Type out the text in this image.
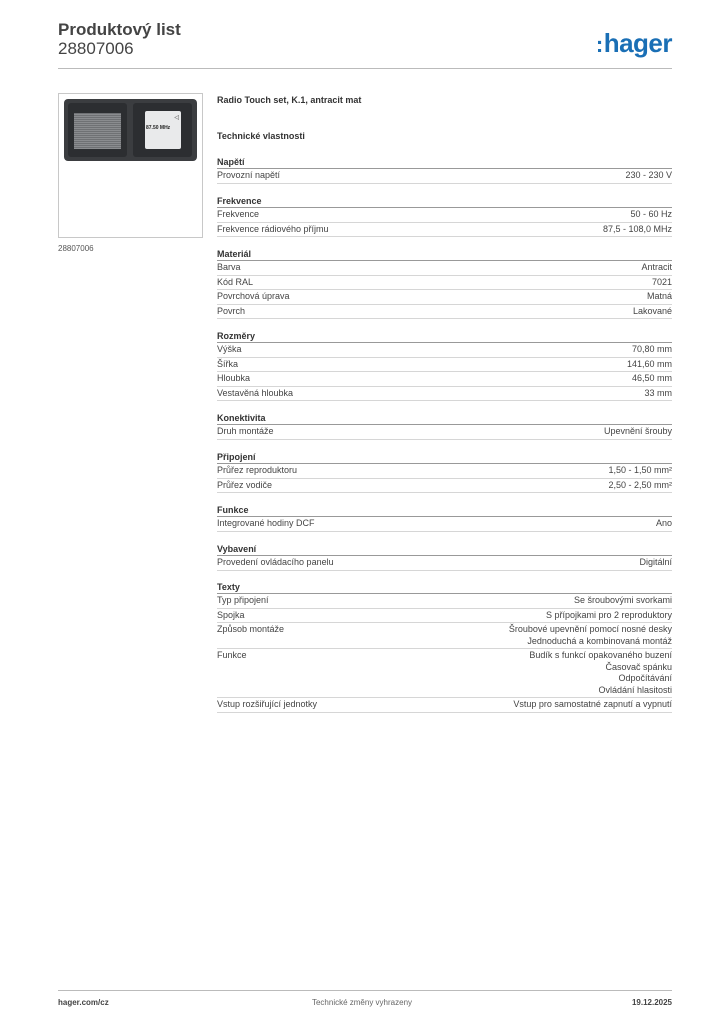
Produktový list
28807006	:hager
◁
87.50 MHz
28807006
Radio Touch set, K.1, antracit mat
Technické vlastnosti
Napětí
Provozní napětí	230 - 230 V
Frekvence
Frekvence	50 - 60 Hz
Frekvence rádiového příjmu	87,5 - 108,0 MHz
Materiál
Barva	Antracit
Kód RAL	7021
Povrchová úprava	Matná
Povrch	Lakované
Rozměry
Výška	70,80 mm
Šířka	141,60 mm
Hloubka	46,50 mm
Vestavěná hloubka	33 mm
Konektivita
Druh montáže	Upevnění šrouby
Připojení
Průřez reproduktoru	1,50 - 1,50 mm²
Průřez vodiče	2,50 - 2,50 mm²
Funkce
Integrované hodiny DCF	Ano
Vybavení
Provedení ovládacího panelu	Digitální
Texty
Typ připojení	Se šroubovými svorkami
Spojka	S přípojkami pro 2 reproduktory
Způsob montáže	Šroubové upevnění pomocí nosné desky
Jednoduchá a kombinovaná montáž
Funkce	Budík s funkcí opakovaného buzení
Časovač spánku
Odpočítávání
Ovládání hlasitosti
Vstup rozšiřující jednotky	Vstup pro samostatné zapnutí a vypnutí
hager.com/cz	Technické změny vyhrazeny	19.12.2025
